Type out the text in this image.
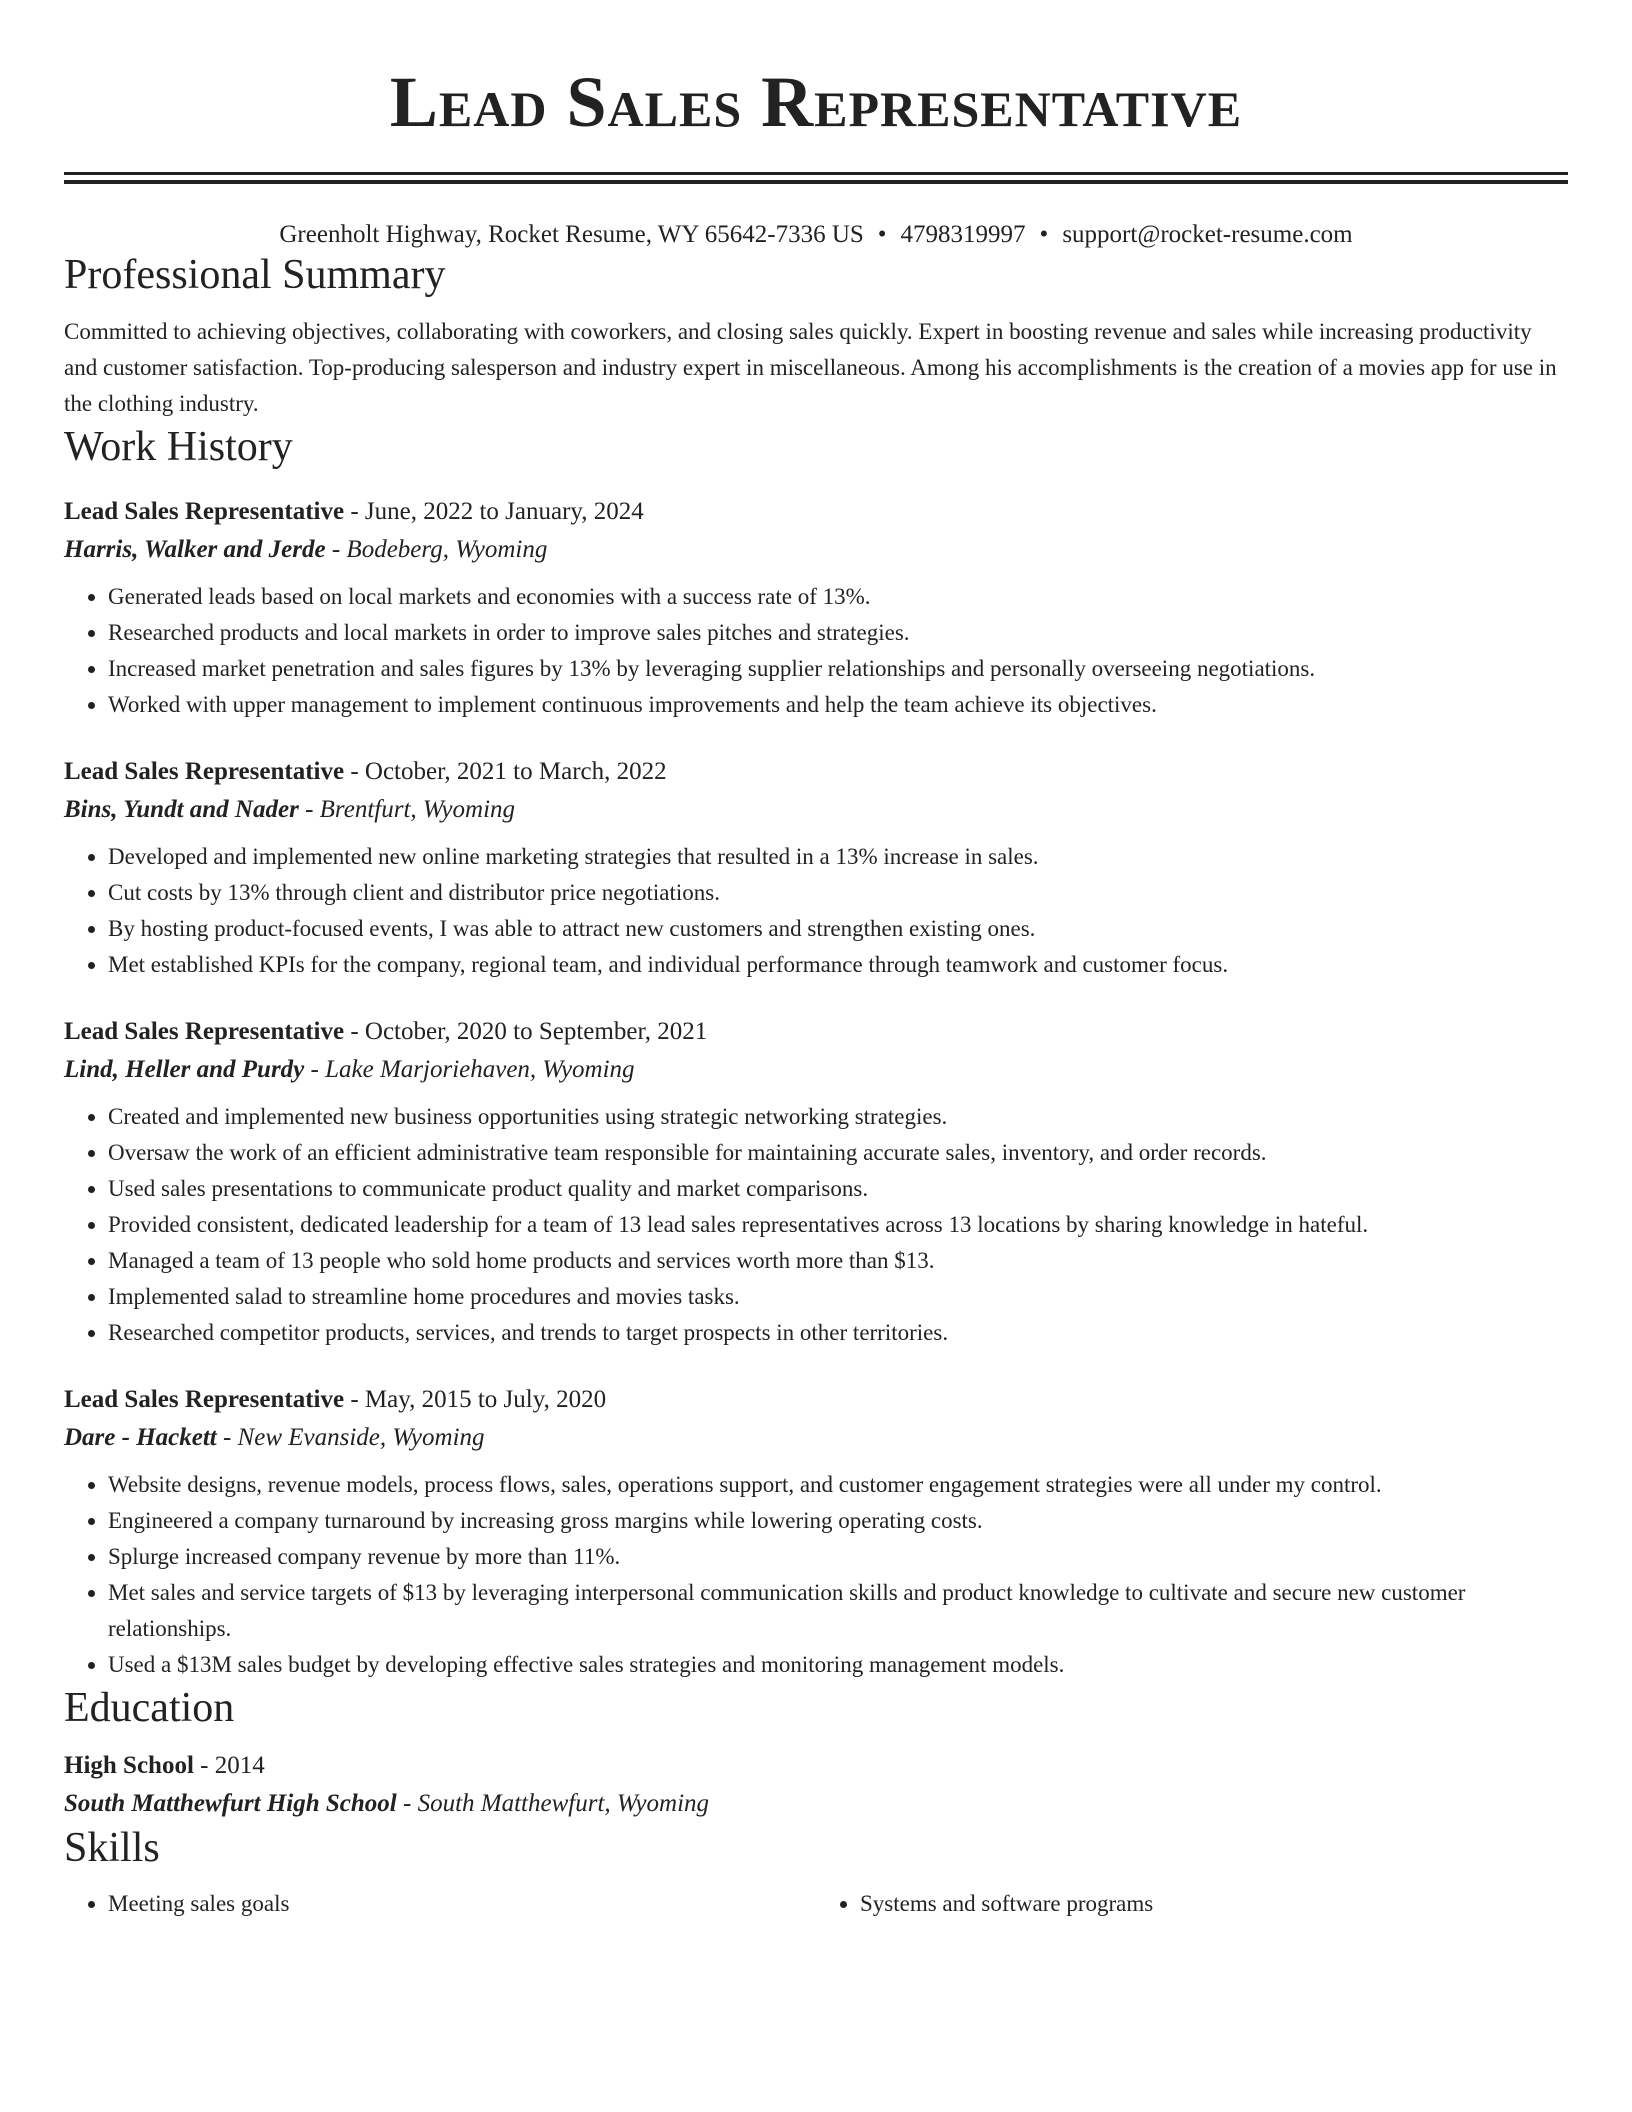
Lead Sales Representative
Greenholt Highway, Rocket Resume, WY 65642-7336 US • 4798319997 • support@rocket-resume.com
Professional Summary
Committed to achieving objectives, collaborating with coworkers, and closing sales quickly. Expert in boosting revenue and sales while increasing productivity and customer satisfaction. Top-producing salesperson and industry expert in miscellaneous. Among his accomplishments is the creation of a movies app for use in the clothing industry.
Work History
Lead Sales Representative - June, 2022 to January, 2024
Harris, Walker and Jerde - Bodeberg, Wyoming
• Generated leads based on local markets and economies with a success rate of 13%.
• Researched products and local markets in order to improve sales pitches and strategies.
• Increased market penetration and sales figures by 13% by leveraging supplier relationships and personally overseeing negotiations.
• Worked with upper management to implement continuous improvements and help the team achieve its objectives.
Lead Sales Representative - October, 2021 to March, 2022
Bins, Yundt and Nader - Brentfurt, Wyoming
• Developed and implemented new online marketing strategies that resulted in a 13% increase in sales.
• Cut costs by 13% through client and distributor price negotiations.
• By hosting product-focused events, I was able to attract new customers and strengthen existing ones.
• Met established KPIs for the company, regional team, and individual performance through teamwork and customer focus.
Lead Sales Representative - October, 2020 to September, 2021
Lind, Heller and Purdy - Lake Marjoriehaven, Wyoming
• Created and implemented new business opportunities using strategic networking strategies.
• Oversaw the work of an efficient administrative team responsible for maintaining accurate sales, inventory, and order records.
• Used sales presentations to communicate product quality and market comparisons.
• Provided consistent, dedicated leadership for a team of 13 lead sales representatives across 13 locations by sharing knowledge in hateful.
• Managed a team of 13 people who sold home products and services worth more than $13.
• Implemented salad to streamline home procedures and movies tasks.
• Researched competitor products, services, and trends to target prospects in other territories.
Lead Sales Representative - May, 2015 to July, 2020
Dare - Hackett - New Evanside, Wyoming
• Website designs, revenue models, process flows, sales, operations support, and customer engagement strategies were all under my control.
• Engineered a company turnaround by increasing gross margins while lowering operating costs.
• Splurge increased company revenue by more than 11%.
• Met sales and service targets of $13 by leveraging interpersonal communication skills and product knowledge to cultivate and secure new customer relationships.
• Used a $13M sales budget by developing effective sales strategies and monitoring management models.
Education
High School - 2014
South Matthewfurt High School - South Matthewfurt, Wyoming
Skills
• Meeting sales goals
•	Systems and software programs
